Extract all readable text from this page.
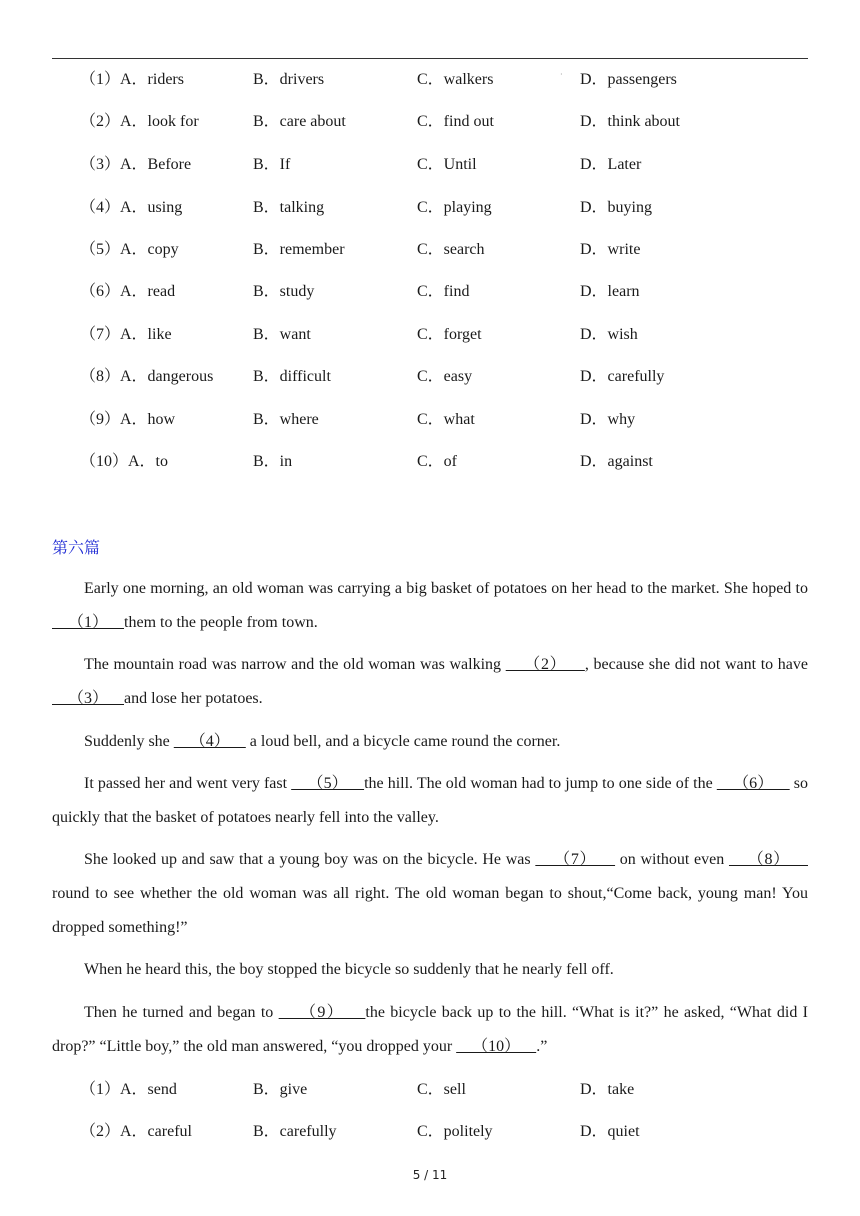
·
（1）A．riders	B．drivers	C．walkers	D．passengers
（2）A．look for	B．care about	C．find out	D．think about
（3）A．Before	B．If	C．Until	D．Later
（4）A．using	B．talking	C．playing	D．buying
（5）A．copy	B．remember	C．search	D．write
（6）A．read	B．study	C．find	D．learn
（7）A．like	B．want	C．forget	D．wish
（8）A．dangerous B．difficult	C．easy	D．carefully
（9）A．how	B．where	C．what	D．why
（10）A．to	B．in	C．of	D．against
第六篇
Early one morning, an old woman was carrying a big basket of potatoes on her head to the market. She hoped to    （1）    them to the people from town.
The mountain road was narrow and the old woman was walking     （2）    , because she did not want to have     （3）    and lose her potatoes.
Suddenly she     （4）     a loud bell, and a bicycle came round the corner.
It passed her and went very fast     （5）    the hill. The old woman had to jump to one side of the     （6）     so quickly that the basket of potatoes nearly fell into the valley.
She looked up and saw that a young boy was on the bicycle. He was     （7）     on without even     （8）     round to see whether the old woman was all right. The old woman began to shout,“Come back, young man! You dropped something!”
When he heard this, the boy stopped the bicycle so suddenly that he nearly fell off.
Then he turned and began to     （9）    the bicycle back up to the hill. “What is it?” he asked, “What did I drop?” “Little boy,” the old man answered, “you dropped your     （10）    .”
（1）A．send	B．give	C．sell	D．take
（2）A．careful	B．carefully	C．politely	D．quiet
5 / 11
